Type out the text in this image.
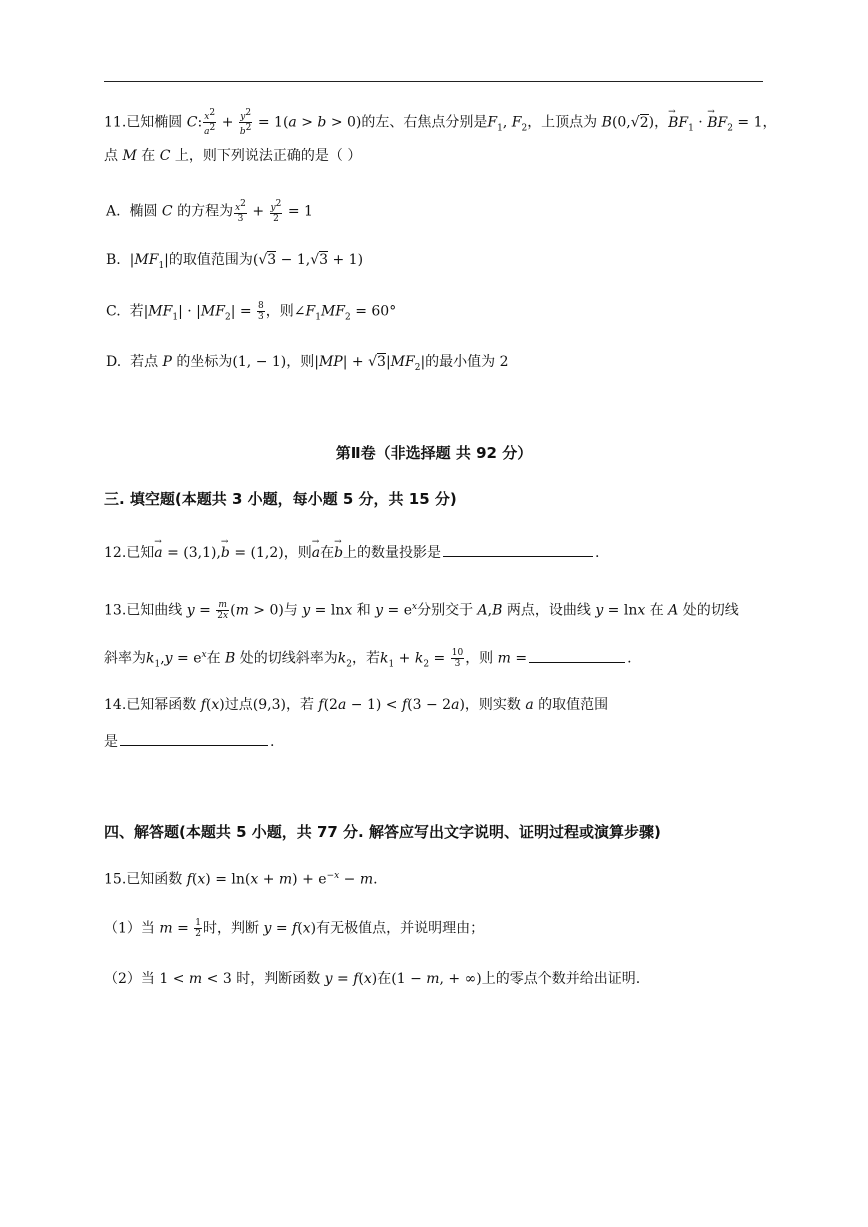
11.已知椭圆 C: $\frac{x^2}{a^2} + \frac{y^2}{b^2} = 1(a > b > 0)$的左、右焦点分别是$F_1$, $F_2$，上顶点为 B(0,√2)，→ $BF_1$ · → $BF_2 = 1$，
点 M 在 C 上，则下列说法正确的是（ ）
A. 椭圆 C 的方程为 $\frac{x^2}{3} + \frac{y^2}{2} = 1$
B.  $|MF_1|$的取值范围为(√3 − 1,√3 + 1)
C. 若$|MF_1| \cdot |MF_2| = \frac{8}{3}$ ，则$\angle F_1MF_2 = 60^\circ$
D. 若点 P 的坐标为(1, − 1)，则$|MP| + √3|MF_2|$的最小值为 2
第Ⅱ卷（非选择题 共 92 分）
三. 填空题(本题共 3 小题，每小题 5 分，共 15 分)
12.已知→ a = (3,1),→ b = (1,2)，则→ a在→ b上的数量投影是	.
13.已知曲线 $y = \frac{m}{2x} (m > 0)$与 y = lnx 和 $y = e^x$分别交于 A,B 两点，设曲线 y = lnx 在 A 处的切线
斜率为$k_1,y = e^x$在 B 处的切线斜率为$k_2$，若$k_1 + k_2 = \frac{10}{3}$ ，则 m =	.
14.已知幂函数 f(x)过点(9,3)，若 f(2a − 1) < f(3 − 2a)，则实数 a 的取值范围
是	.
四、解答题(本题共 5 小题，共 77 分. 解答应写出文字说明、证明过程或演算步骤)
15.已知函数 $f(x) = \ln(x + m) + e^{-x} - m$.
（1）当 $m = \frac{1}{2}$ 时，判断 y = f(x)有无极值点，并说明理由；
（2）当 1 < m < 3 时，判断函数 y = f(x)在(1 − m, + ∞)上的零点个数并给出证明.
